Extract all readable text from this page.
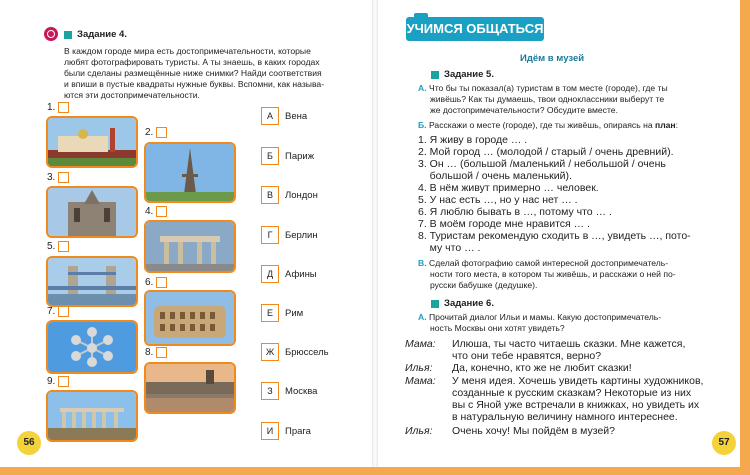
Задание 4.
В каждом городе мира есть достопримечательности, которые
любят фотографировать туристы. А ты знаешь, в каких городах
были сделаны размещённые ниже снимки? Найди соответствия
и впиши в пустые квадраты нужные буквы. Вспомни, как называ-
ются эти достопримечательности.
1.
2.
3.
4.
5.
6.
7.
8.
9.
А	Вена
Б	Париж
В	Лондон
Г	Берлин
Д	Афины
Е	Рим
Ж	Брюссель
З	Москва
И	Прага
56
УЧИМСЯ ОБЩАТЬСЯ
Идём в музей
Задание 5.
А. Что бы ты показал(а) туристам в том месте (городе), где ты
живёшь? Как ты думаешь, твои одноклассники выберут те
же достопримечательности? Обсудите вместе.
Б. Расскажи о месте (городе), где ты живёшь, опираясь на план:
1. Я живу в городе … .
2. Мой город … (молодой / старый / очень древний).
3. Он … (большой /маленький / небольшой / очень
большой / очень маленький).
4. В нём живут примерно … человек.
5. У нас есть …, но у нас нет … .
6. Я люблю бывать в …, потому что … .
7. В моём городе мне нравится … .
8. Туристам рекомендую сходить в …, увидеть …, пото-
му что … .
В. Сделай фотографию самой интересной достопримечатель-
ности того места, в котором ты живёшь, и расскажи о ней по-
русски бабушке (дедушке).
Задание 6.
А. Прочитай диалог Ильи и мамы. Какую достопримечатель-
ность Москвы они хотят увидеть?
Мама: Илюша, ты часто читаешь сказки. Мне кажется,
что они тебе нравятся, верно?
Илья: Да, конечно, кто же не любит сказки!
Мама: У меня идея. Хочешь увидеть картины художников,
созданные к русским сказкам? Некоторые из них
вы с Яной уже встречали в книжках, но увидеть их
в натуральную величину намного интереснее.
Илья: Очень хочу! Мы пойдём в музей?
57
